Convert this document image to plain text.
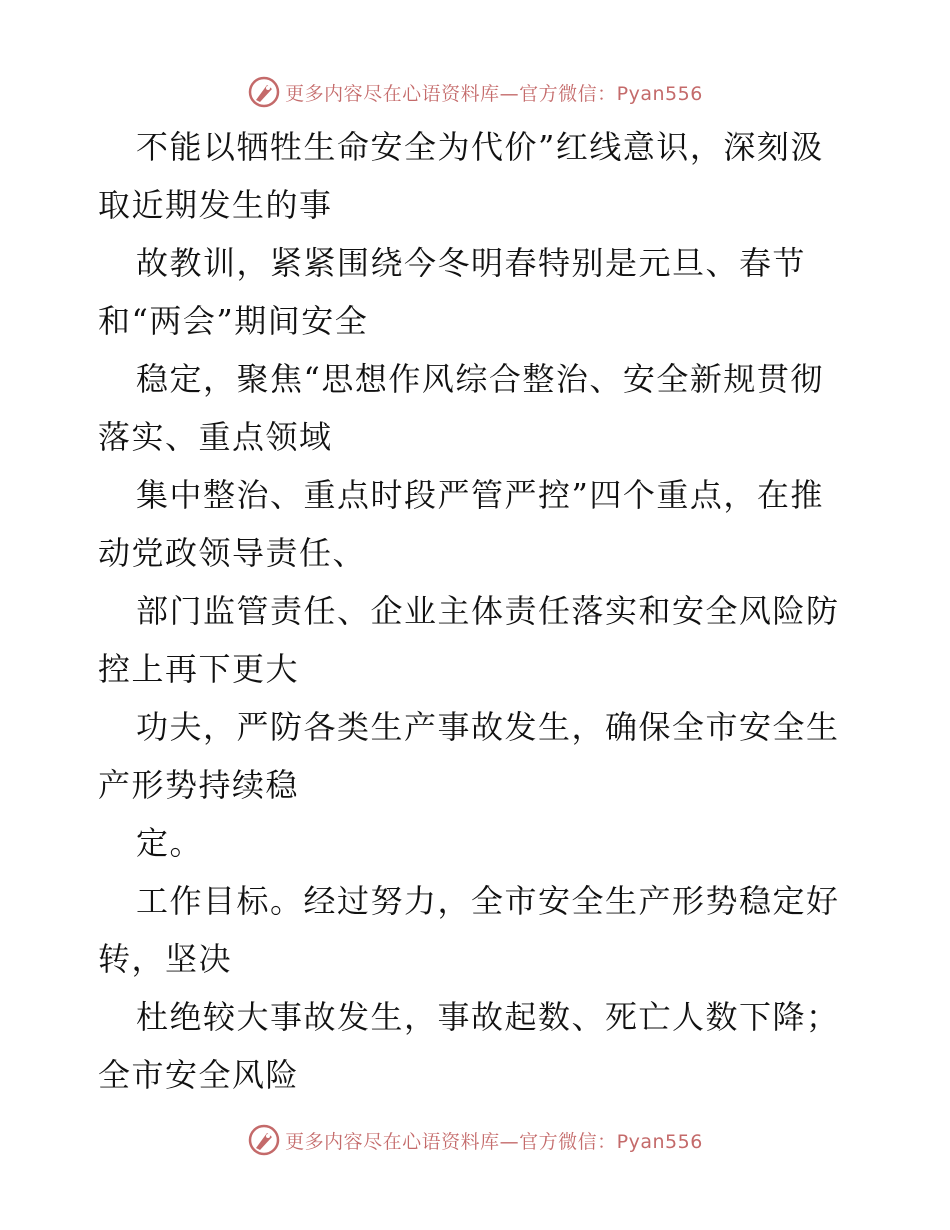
更多内容尽在心语资料库—官方微信：Pyan556
不能以牺牲生命安全为代价”红线意识，深刻汲
取近期发生的事
故教训，紧紧围绕今冬明春特别是元旦、春节
和“两会”期间安全
稳定，聚焦“思想作风综合整治、安全新规贯彻
落实、重点领域
集中整治、重点时段严管严控”四个重点，在推
动党政领导责任、
部门监管责任、企业主体责任落实和安全风险防
控上再下更大
功夫，严防各类生产事故发生，确保全市安全生
产形势持续稳
定。
工作目标。经过努力，全市安全生产形势稳定好
转，坚决
杜绝较大事故发生，事故起数、死亡人数下降；
全市安全风险
更多内容尽在心语资料库—官方微信：Pyan556
